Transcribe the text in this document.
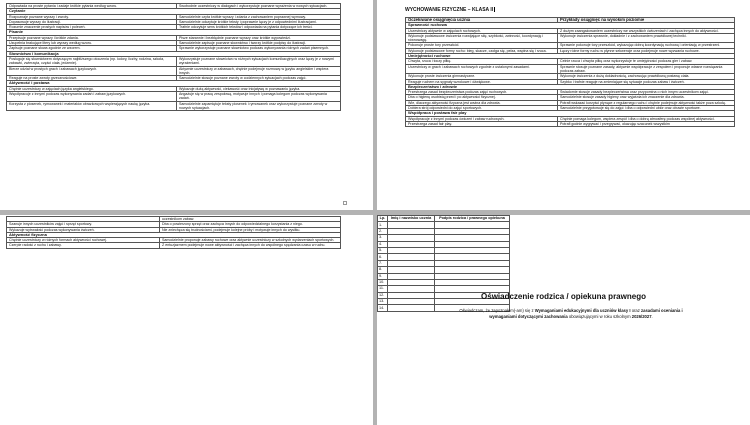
Odpowiada na proste pytania i zadaje krótkie pytania według wzoru.	Swobodnie uczestniczy w dialogach i wykorzystuje poznane wyrażenia w nowych sytuacjach.
Czytanie	
Rozpoznaje poznane wyrazy i zwroty.	Samodzielnie czyta krótkie wyrazy i zdania z zachowaniem poprawnej wymowy.
Dopasowuje wyrazy do ilustracji.	Samodzielnie odczytuje krótkie teksty i poprawnie łączy je z odpowiednimi ilustracjami.
Rozumie znaczenie prostych napisów i poleceń.	Trafnie odczytuje sens krótkich tekstów i odpowiada na pytania dotyczące ich treści.
Pisanie	
Przepisuje poznane wyrazy i krótkie zdania.	Pisze starannie i bezbłędnie poznane wyrazy oraz krótkie wypowiedzi.
Uzupełnia brakujące litery lub wyrazy według wzoru.	Samodzielnie zapisuje poznane słownictwo i tworzy krótkie podpisy do ilustracji.
Zapisuje poznane słowa zgodnie ze wzorem.	Sprawnie wykorzystuje poznane słownictwo podczas wykonywania różnych zadań pisemnych.
Słownictwo i komunikacja	
Posługuje się słownictwem dotyczącym najbliższego otoczenia (np. kolory, liczby, rodzina, szkoła, zabawki, zwierzęta, części ciała, jedzenie).	Wykorzystuje poznane słownictwo w różnych sytuacjach komunikacyjnych oraz łączy je z nowymi wyrażeniami.
Bierze udział w prostych grach i zabawach językowych.	Aktywnie uczestniczy w zabawach, chętnie podejmuje rozmowę w języku angielskim i wspiera innych.
Reaguje na proste zwroty grzecznościowe.	Samodzielnie stosuje poznane zwroty w codziennych sytuacjach podczas zajęć.
Aktywność i postawa	
Chętnie uczestniczy w zajęciach języka angielskiego.	Wykazuje dużą aktywność, ciekawość oraz inicjatywę w poznawaniu języka.
Współpracuje z innymi podczas wykonywania zadań i zabaw językowych.	Angażuje się w pracę zespołową, motywuje innych i pomaga kolegom podczas wykonywania zadań.
Korzysta z piosenek, rymowanek i materiałów obrazkowych wspierających naukę języka.	Samodzielnie zapamiętuje teksty piosenek i rymowanek oraz wykorzystuje poznane zwroty w nowych sytuacjach.
WYCHOWANIE FIZYCZNE – KLASA II
Oczekiwane osiągnięcia ucznia	Przykłady osiągnięć na wysokim poziomie
Sprawność ruchowa	
Uczestniczy aktywnie w zajęciach ruchowych.	Z dużym zaangażowaniem uczestniczy we wszystkich ćwiczeniach i zachęca innych do aktywności.
Wykonuje podstawowe ćwiczenia rozwijające siłę, szybkość, zwinność, koordynację i równowagę.	Wykonuje ćwiczenia sprawnie, dokładnie i z zachowaniem prawidłowej techniki.
Pokonuje proste tory przeszkód.	Sprawnie pokonuje tory przeszkód, wykazując dobrą koordynację ruchową i orientację w przestrzeni.
Wykonuje podstawowe formy ruchu: bieg, skacze, czołga się, pełza, wspina się i rzuca.	Łączy różne formy ruchu w płynne sekwencje oraz podejmuje nowe wyzwania ruchowe.
Umiejętności ruchowe	
Chwyta, rzuca i toczy piłkę.	Celnie rzuca i chwyta piłkę oraz wykorzystuje te umiejętności podczas gier i zabaw.
Uczestniczy w grach i zabawach ruchowych zgodnie z ustalonymi zasadami.	Sprawnie stosuje poznane zasady, aktywnie współpracuje z zespołem i proponuje własne rozwiązania podczas zabaw.
Wykonuje proste ćwiczenia gimnastyczne.	Wykonuje ćwiczenia z dużą dokładnością, zachowując prawidłową postawę ciała.
Reaguje ruchem na sygnały wzrokowe i dźwiękowe.	Szybko i trafnie reaguje na zmieniające się sytuacje podczas zabaw i ćwiczeń.
Bezpieczeństwo i zdrowie	
Przestrzega zasad bezpieczeństwa podczas zajęć ruchowych.	Świadomie stosuje zasady bezpieczeństwa oraz przypomina o nich innym uczestnikom zajęć.
Dba o higienę osobistą przed i po aktywności fizycznej.	Samodzielnie stosuje zasady higieny oraz wyjaśnia ich znaczenie dla zdrowia.
Wie, dlaczego aktywność fizyczna jest ważna dla zdrowia.	Potrafi wskazać korzyści płynące z regularnego ruchu i chętnie podejmuje aktywność także poza szkołą.
Dobiera strój odpowiedni do zajęć sportowych.	Samodzielnie przygotowuje się do zajęć i dba o odpowiedni ubiór oraz obuwie sportowe.
Współpraca i postawa fair play	
Współpracuje z innymi podczas ćwiczeń i zabaw ruchowych.	Chętnie pomaga kolegom, wspiera zespół i dba o dobrą atmosferę podczas wspólnej aktywności.
Przestrzega zasad fair play.	Potrafi godnie wygrywać i przegrywać, okazując szacunek wszystkim
	uczestnikom zabaw.
Szanuje innych uczestników zajęć i sprzęt sportowy.	Dba o powierzony sprzęt oraz zachęca innych do odpowiedzialnego korzystania z niego.
Wykazuje wytrwałość podczas wykonywania ćwiczeń.	Nie zniechęca się trudnościami, podejmuje kolejne próby i motywuje innych do wysiłku.
Aktywność fizyczna	
Chętnie uczestniczy w różnych formach aktywności ruchowej.	Samodzielnie proponuje zabawy ruchowe oraz aktywnie uczestniczy w szkolnych wydarzeniach sportowych.
Czerpie radość z ruchu i zabawy.	Z entuzjazmem podejmuje nowe aktywności i zachęca innych do wspólnego spędzania czasu w ruchu.
Oświadczenie rodzica / opiekuna prawnego
Oświadczam, że zapoznałem(-am) się z Wymaganiami edukacyjnymi dla uczniów klasy I oraz zasadami oceniania i wymaganiami dotyczącymi zachowania obowiązującymi w roku szkolnym 2026/2027.
Lp.	Imię i nazwisko ucznia	Podpis rodzica / prawnego opiekuna
1.		
2.		
3.		
4.		
5.		
6.		
7.		
8.		
9.		
10.		
11.		
12.		
13.		
14.		
